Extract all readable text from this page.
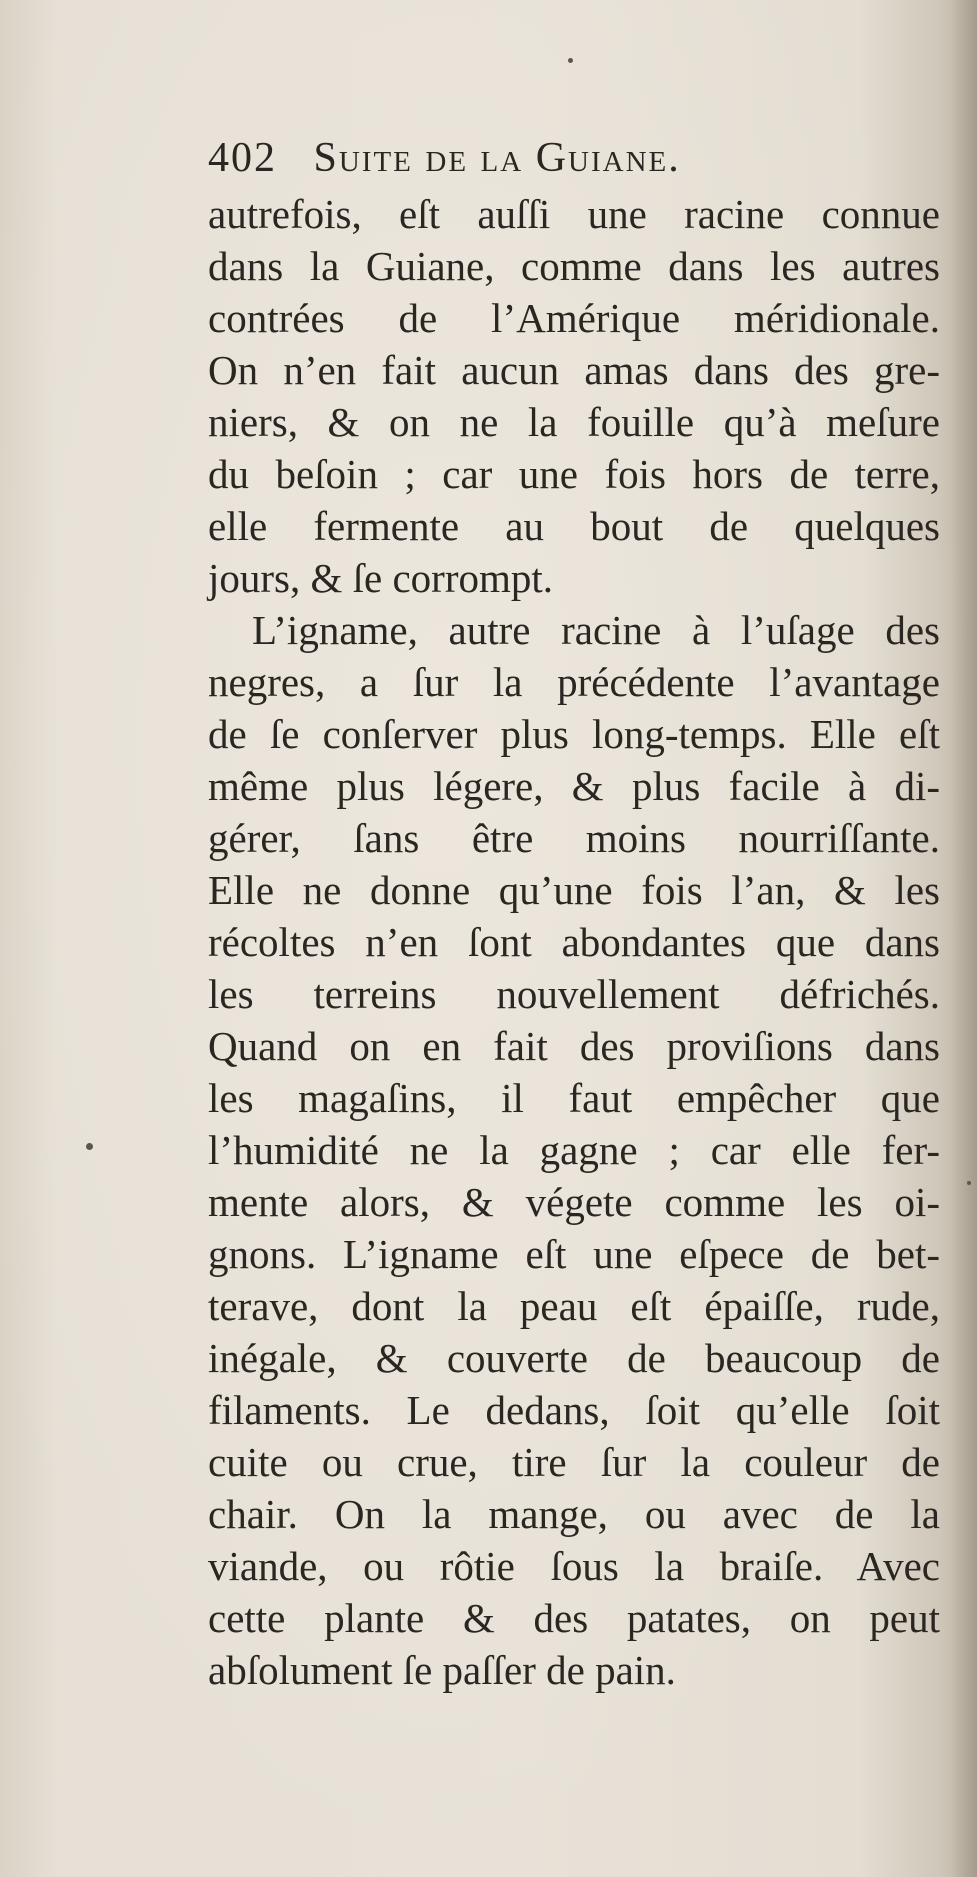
402 Suite de la Guiane.
autrefois, eſt auſſi une racine connue
dans la Guiane, comme dans les autres
contrées de l’Amérique méridionale.
On n’en fait aucun amas dans des gre-
niers, & on ne la fouille qu’à meſure
du beſoin ; car une fois hors de terre,
elle fermente au bout de quelques
jours, & ſe corrompt.
L’igname, autre racine à l’uſage des
negres, a ſur la précédente l’avantage
de ſe conſerver plus long-temps. Elle eſt
même plus légere, & plus facile à di-
gérer, ſans être moins nourriſſante.
Elle ne donne qu’une fois l’an, & les
récoltes n’en ſont abondantes que dans
les terreins nouvellement défrichés.
Quand on en fait des proviſions dans
les magaſins, il faut empêcher que
l’humidité ne la gagne ; car elle fer-
mente alors, & végete comme les oi-
gnons. L’igname eſt une eſpece de bet-
terave, dont la peau eſt épaiſſe, rude,
inégale, & couverte de beaucoup de
filaments. Le dedans, ſoit qu’elle ſoit
cuite ou crue, tire ſur la couleur de
chair. On la mange, ou avec de la
viande, ou rôtie ſous la braiſe. Avec
cette plante & des patates, on peut
abſolument ſe paſſer de pain.
